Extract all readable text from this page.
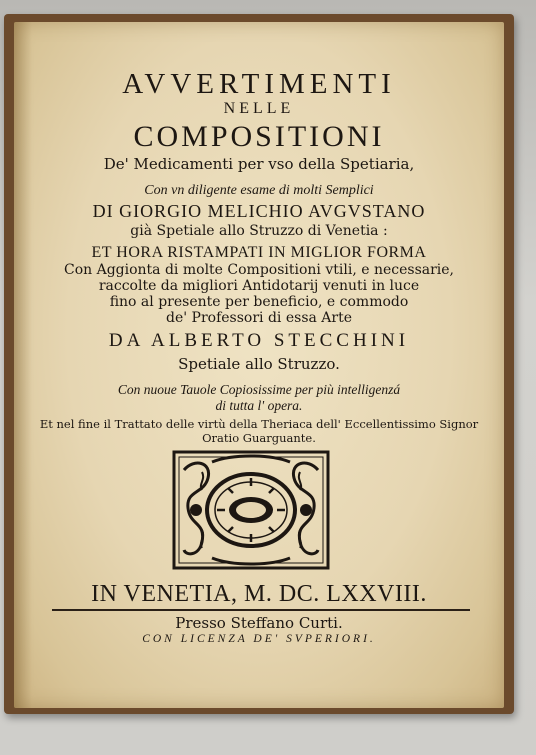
AVVERTIMENTI
NELLE
COMPOSITIONI
De' Medicamenti per vso della Spetiaria,
Con vn diligente esame di molti Semplici
DI GIORGIO MELICHIO AVGVSTANO
già Spetiale allo Struzzo di Venetia :
ET HORA RISTAMPATI IN MIGLIOR FORMA
Con Aggionta di molte Compositioni vtili, e necessarie,
raccolte da migliori Antidotarij venuti in luce
fino al presente per beneficio, e commodo
de' Professori di essa Arte
DA ALBERTO STECCHINI
Spetiale allo Struzzo.
Con nuoue Tauole Copiosissime per più intelligenzá
di tutta l' opera.
Et nel fine il Trattato delle virtù della Theriaca dell' Eccellentissimo Signor
Oratio Guarguante.
IN VENETIA, M. DC. LXXVIII.
Presso Steffano Curti.
CON LICENZA DE' SVPERIORI.
